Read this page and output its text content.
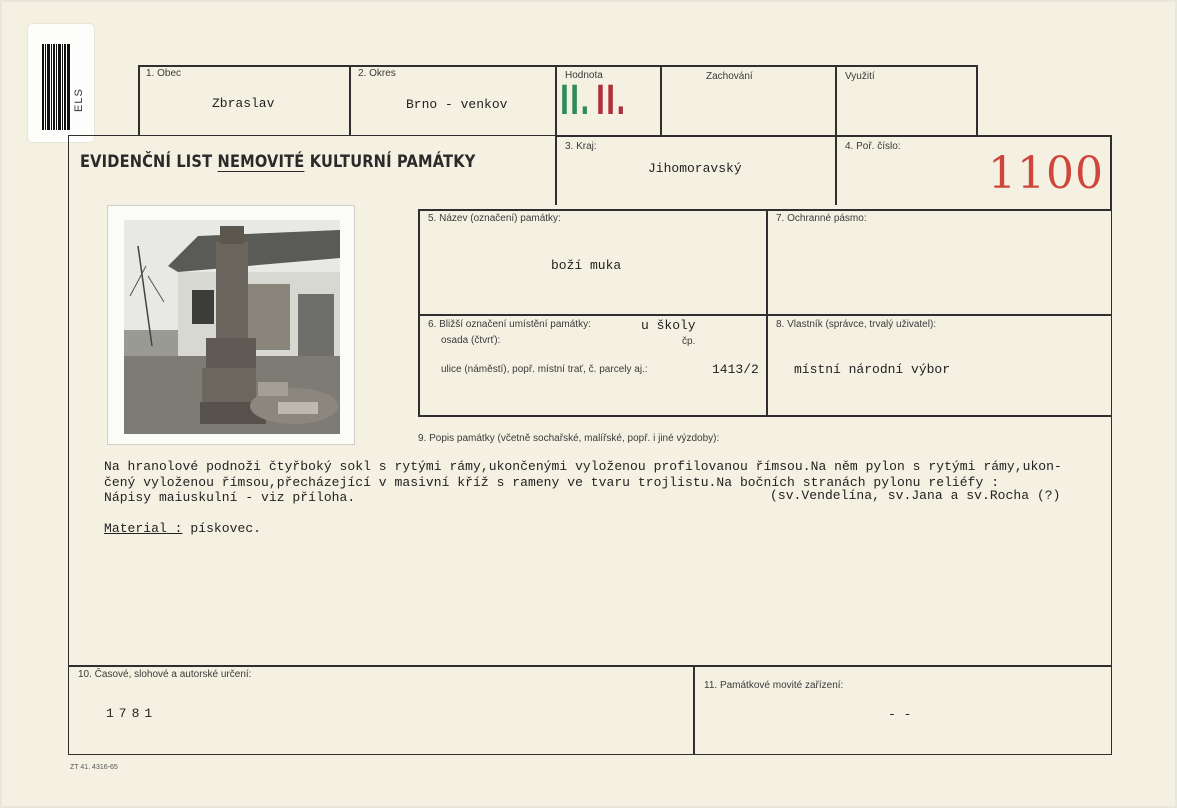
ELS
1. Obec
Zbraslav
2. Okres
Brno - venkov
Hodnota
II. II.
Zachování	Využití
EVIDENČNÍ LIST NEMOVITÉ KULTURNÍ PAMÁTKY
3. Kraj:
Jihomoravský
4. Poř. číslo:
1100
5. Název (označení) památky:
boží muka
7. Ochranné pásmo:
6. Bližší označení umístění památky:	u školy
osada (čtvrť):	čp.
ulice (náměstí), popř. místní trať, č. parcely aj.:	1413/2
8. Vlastník (správce, trvalý uživatel):
místní národní výbor
9. Popis památky (včetně sochařské, malířské, popř. i jiné výzdoby):
Na hranolové podnoži čtyřboký sokl s rytými rámy,ukončenými vyloženou profilovanou římsou.Na něm pylon s rytými rámy,ukon-
čený vyloženou římsou,přecházející v masivní kříž s rameny ve tvaru trojlistu.Na bočních stranách pylonu reliéfy :
Nápisy maiuskulní - viz příloha.	(sv.Vendelína, sv.Jana a sv.Rocha (?)
Material : pískovec.
10. Časové, slohové a autorské určení:
1781
11. Památkové movité zařízení:
- -
ZT 41. 4316-65
